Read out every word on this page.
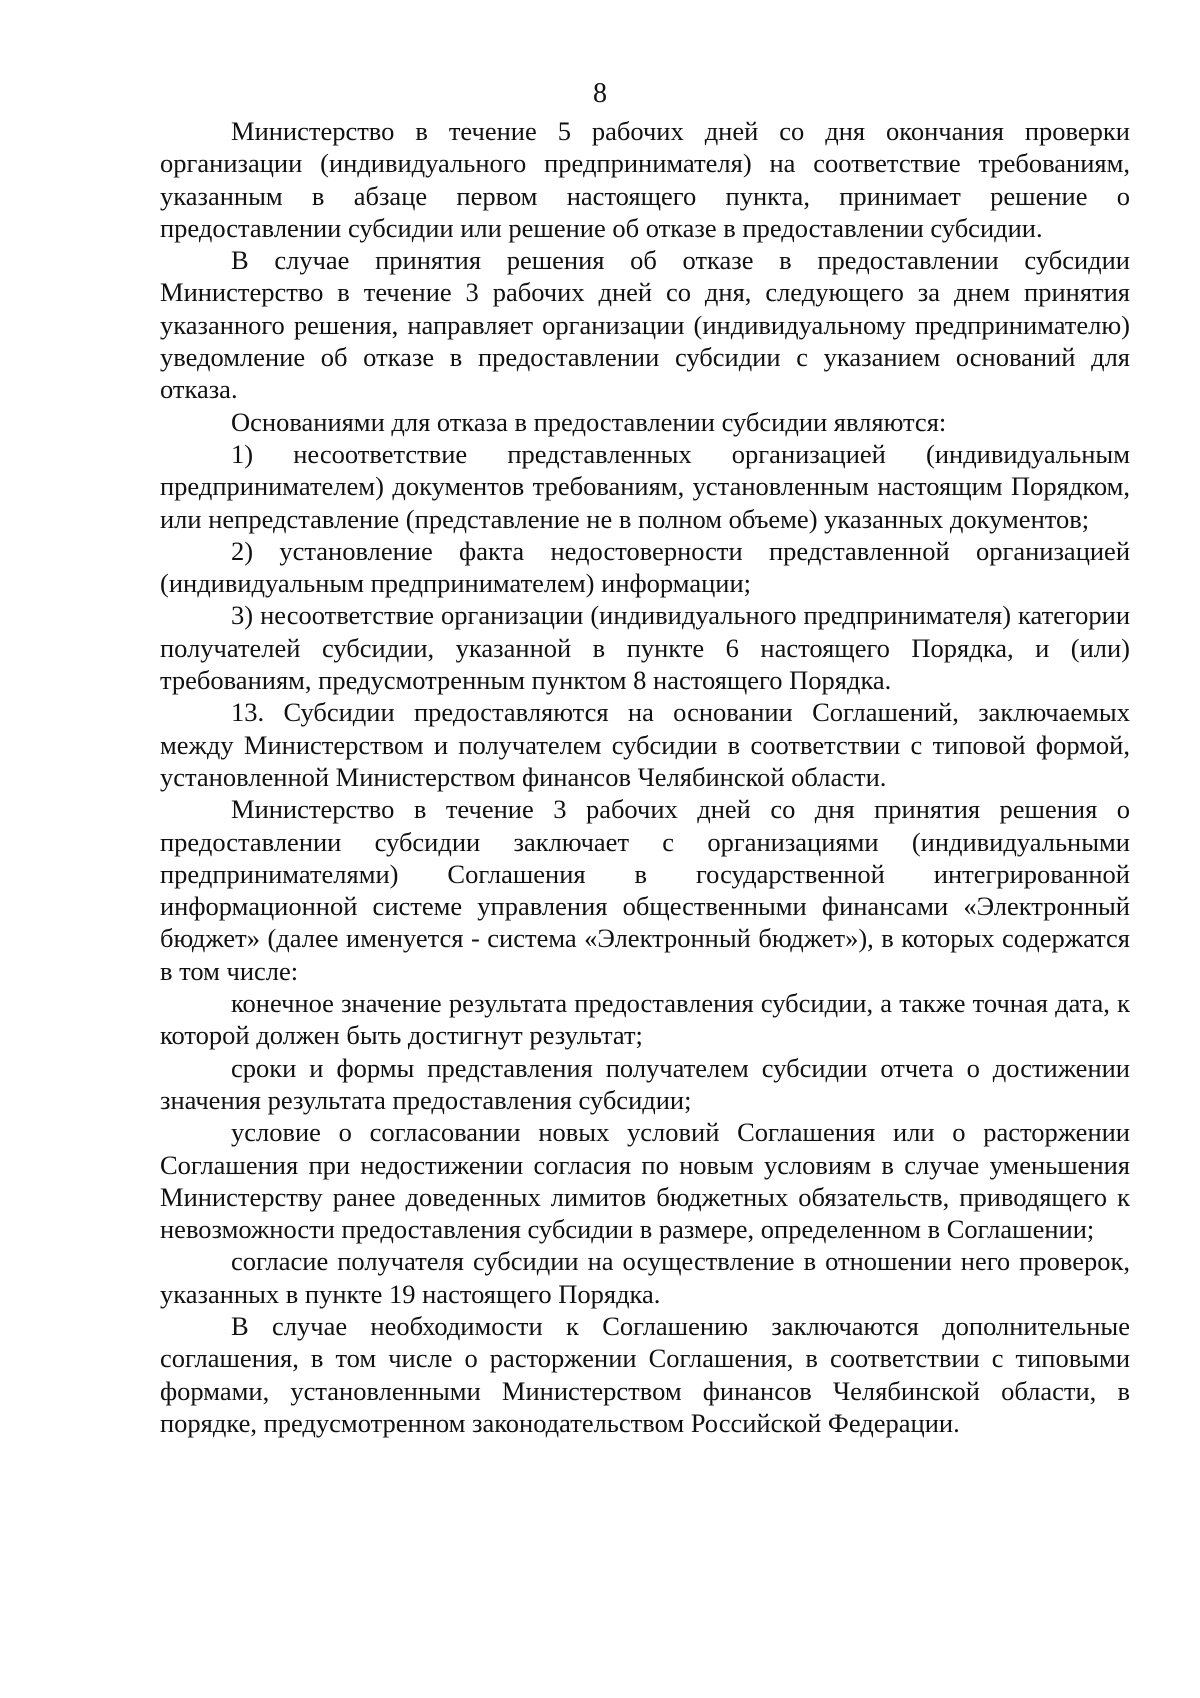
8

Министерство в течение 5 рабочих дней со дня окончания проверки организации (индивидуального предпринимателя) на соответствие требованиям, указанным в абзаце первом настоящего пункта, принимает решение о предоставлении субсидии или решение об отказе в предоставлении субсидии.

В случае принятия решения об отказе в предоставлении субсидии Министерство в течение 3 рабочих дней со дня, следующего за днем принятия указанного решения, направляет организации (индивидуальному предпринимателю) уведомление об отказе в предоставлении субсидии с указанием оснований для отказа.

Основаниями для отказа в предоставлении субсидии являются:

1) несоответствие представленных организацией (индивидуальным предпринимателем) документов требованиям, установленным настоящим Порядком, или непредставление (представление не в полном объеме) указанных документов;

2) установление факта недостоверности представленной организацией (индивидуальным предпринимателем) информации;

3) несоответствие организации (индивидуального предпринимателя) категории получателей субсидии, указанной в пункте 6 настоящего Порядка, и (или) требованиям, предусмотренным пунктом 8 настоящего Порядка.

13. Субсидии предоставляются на основании Соглашений, заключаемых между Министерством и получателем субсидии в соответствии с типовой формой, установленной Министерством финансов Челябинской области.

Министерство в течение 3 рабочих дней со дня принятия решения о предоставлении субсидии заключает с организациями (индивидуальными предпринимателями) Соглашения в государственной интегрированной информационной системе управления общественными финансами «Электронный бюджет» (далее именуется - система «Электронный бюджет»), в которых содержатся в том числе:

конечное значение результата предоставления субсидии, а также точная дата, к которой должен быть достигнут результат;

сроки и формы представления получателем субсидии отчета о достижении значения результата предоставления субсидии;

условие о согласовании новых условий Соглашения или о расторжении Соглашения при недостижении согласия по новым условиям в случае уменьшения Министерству ранее доведенных лимитов бюджетных обязательств, приводящего к невозможности предоставления субсидии в размере, определенном в Соглашении;

согласие получателя субсидии на осуществление в отношении него проверок, указанных в пункте 19 настоящего Порядка.

В случае необходимости к Соглашению заключаются дополнительные соглашения, в том числе о расторжении Соглашения, в соответствии с типовыми формами, установленными Министерством финансов Челябинской области, в порядке, предусмотренном законодательством Российской Федерации.
